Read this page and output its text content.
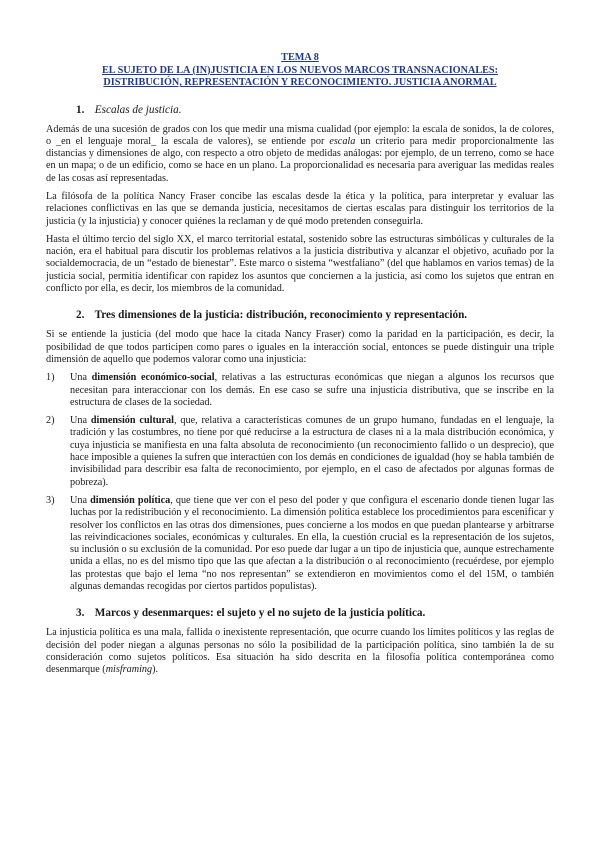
TEMA 8
EL SUJETO DE LA (IN)JUSTICIA EN LOS NUEVOS MARCOS TRANSNACIONALES:
DISTRIBUCIÓN, REPRESENTACIÓN Y RECONOCIMIENTO. JUSTICIA ANORMAL
1. Escalas de justicia.

Además de una sucesión de grados con los que medir una misma cualidad (por ejemplo: la escala de sonidos, la de colores, o _en el lenguaje moral_ la escala de valores), se entiende por escala un criterio para medir proporcionalmente las distancias y dimensiones de algo, con respecto a otro objeto de medidas análogas: por ejemplo, de un terreno, como se hace en un mapa; o de un edificio, como se hace en un plano. La proporcionalidad es necesaria para averiguar las medidas reales de las cosas así representadas.

La filósofa de la política Nancy Fraser concibe las escalas desde la ética y la política, para interpretar y evaluar las relaciones conflictivas en las que se demanda justicia, necesitamos de ciertas escalas para distinguir los territorios de la justicia (y la injusticia) y conocer quiénes la reclaman y de qué modo pretenden conseguirla.

Hasta el último tercio del siglo XX, el marco territorial estatal, sostenido sobre las estructuras simbólicas y culturales de la nación, era el habitual para discutir los problemas relativos a la justicia distributiva y alcanzar el objetivo, acuñado por la socialdemocracia, de un “estado de bienestar”. Este marco o sistema “westfaliano” (del que hablamos en varios temas) de la justicia social, permitía identificar con rapidez los asuntos que conciernen a la justicia, así como los sujetos que entran en conflicto por ella, es decir, los miembros de la comunidad.

2. Tres dimensiones de la justicia: distribución, reconocimiento y representación.

Si se entiende la justicia (del modo que hace la citada Nancy Fraser) como la paridad en la participación, es decir, la posibilidad de que todos participen como pares o iguales en la interacción social, entonces se puede distinguir una triple dimensión de aquello que podemos valorar como una injusticia:

1) Una dimensión económico-social, relativas a las estructuras económicas que niegan a algunos los recursos que necesitan para interaccionar con los demás. En ese caso se sufre una injusticia distributiva, que se inscribe en la estructura de clases de la sociedad.
2) Una dimensión cultural, que, relativa a características comunes de un grupo humano, fundadas en el lenguaje, la tradición y las costumbres, no tiene por qué reducirse a la estructura de clases ni a la mala distribución económica, y cuya injusticia se manifiesta en una falta absoluta de reconocimiento (un reconocimiento fallido o un desprecio), que hace imposible a quienes la sufren que interactúen con los demás en condiciones de igualdad (hoy se habla también de invisibilidad para describir esa falta de reconocimiento, por ejemplo, en el caso de afectados por algunas formas de pobreza).
3) Una dimensión política, que tiene que ver con el peso del poder y que configura el escenario donde tienen lugar las luchas por la redistribución y el reconocimiento. La dimensión política establece los procedimientos para escenificar y resolver los conflictos en las otras dos dimensiones, pues concierne a los modos en que puedan plantearse y arbitrarse las reivindicaciones sociales, económicas y culturales. En ella, la cuestión crucial es la representación de los sujetos, su inclusión o su exclusión de la comunidad. Por eso puede dar lugar a un tipo de injusticia que, aunque estrechamente unida a ellas, no es del mismo tipo que las que afectan a la distribución o al reconocimiento (recuérdese, por ejemplo las protestas que bajo el lema “no nos representan” se extendieron en movimientos como el del 15M, o también algunas demandas recogidas por ciertos partidos populistas).
3. Marcos y desenmarques: el sujeto y el no sujeto de la justicia política.

La injusticia política es una mala, fallida o inexistente representación, que ocurre cuando los límites políticos y las reglas de decisión del poder niegan a algunas personas no sólo la posibilidad de la participación política, sino también la de su consideración como sujetos políticos. Esa situación ha sido descrita en la filosofía política contemporánea como desenmarque (misframing).
